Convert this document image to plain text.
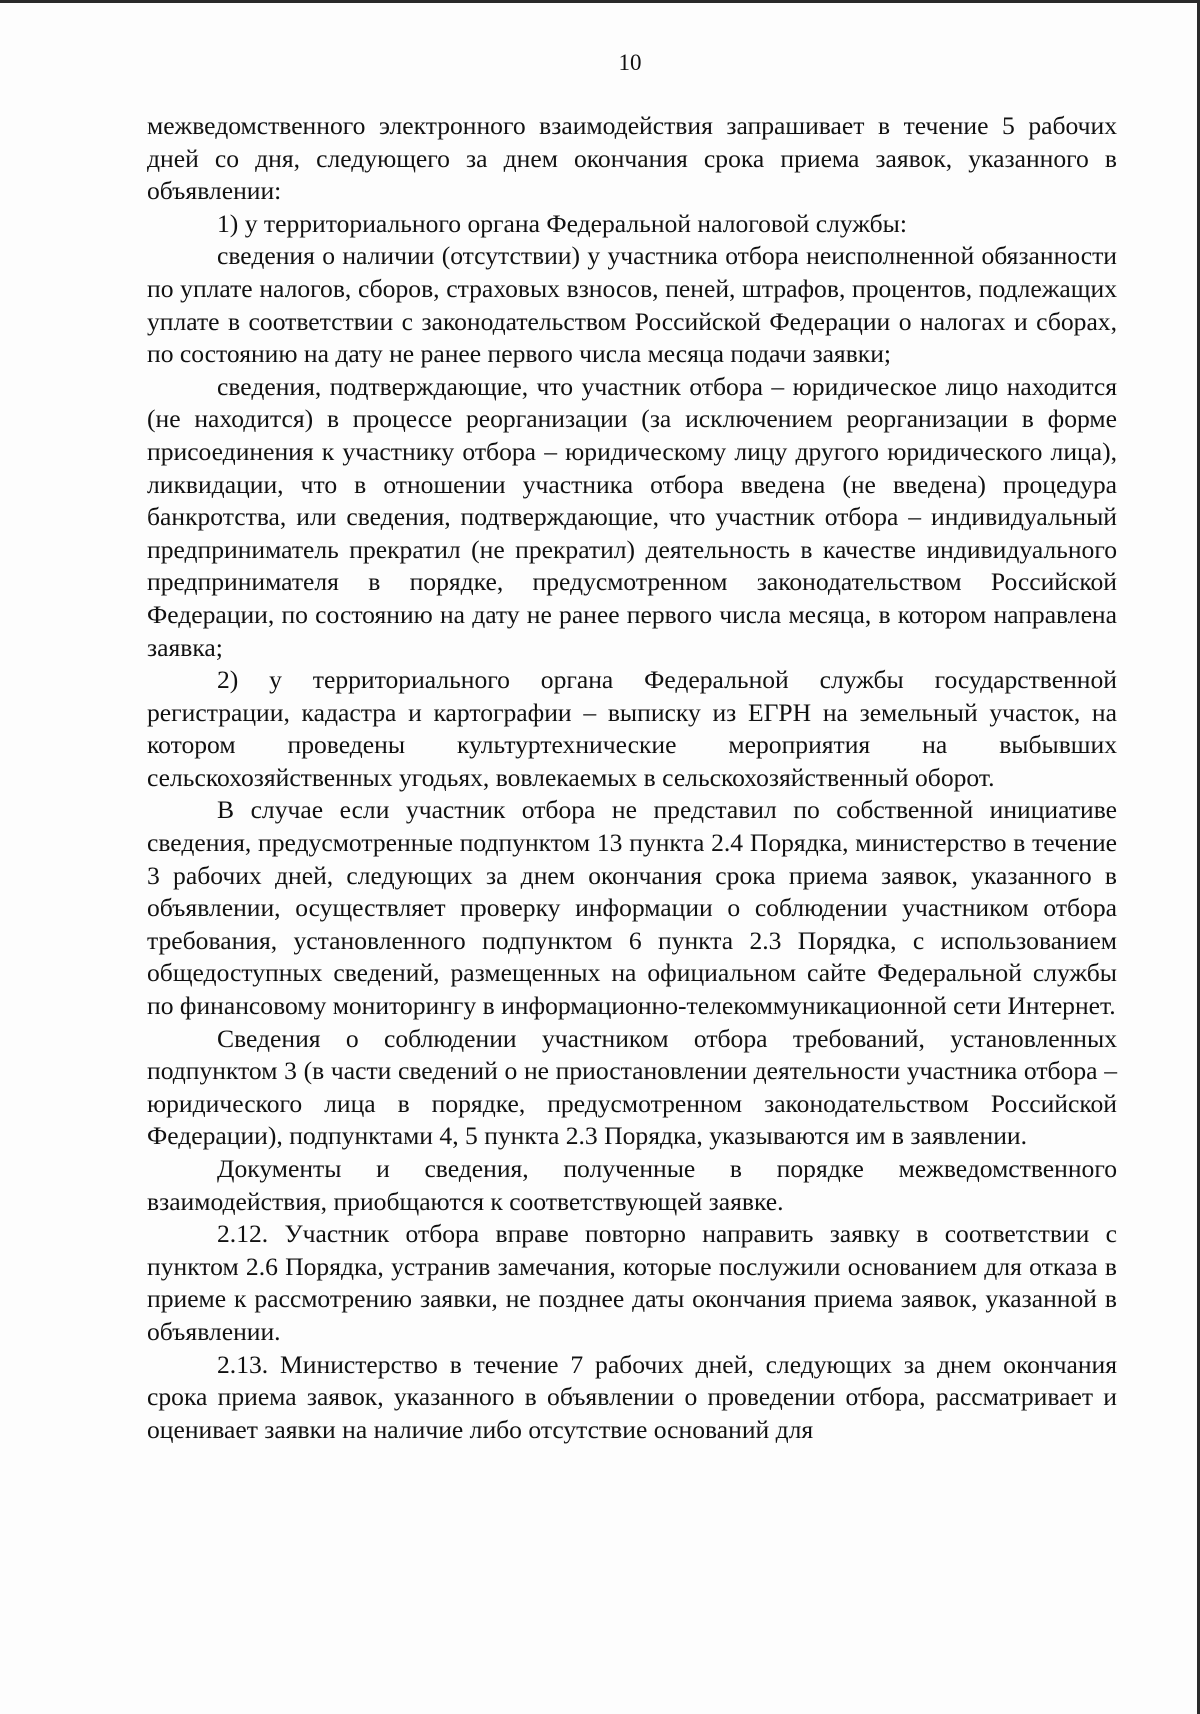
10

межведомственного электронного взаимодействия запрашивает в течение 5 рабочих дней со дня, следующего за днем окончания срока приема заявок, указанного в объявлении:

1) у территориального органа Федеральной налоговой службы:

сведения о наличии (отсутствии) у участника отбора неисполненной обязанности по уплате налогов, сборов, страховых взносов, пеней, штрафов, процентов, подлежащих уплате в соответствии с законодательством Российской Федерации о налогах и сборах, по состоянию на дату не ранее первого числа месяца подачи заявки;

сведения, подтверждающие, что участник отбора – юридическое лицо находится (не находится) в процессе реорганизации (за исключением реорганизации в форме присоединения к участнику отбора – юридическому лицу другого юридического лица), ликвидации, что в отношении участника отбора введена (не введена) процедура банкротства, или сведения, подтверждающие, что участник отбора – индивидуальный предприниматель прекратил (не прекратил) деятельность в качестве индивидуального предпринимателя в порядке, предусмотренном законодательством Российской Федерации, по состоянию на дату не ранее первого числа месяца, в котором направлена заявка;

2) у территориального органа Федеральной службы государственной регистрации, кадастра и картографии – выписку из ЕГРН на земельный участок, на котором проведены культуртехнические мероприятия на выбывших сельскохозяйственных угодьях, вовлекаемых в сельскохозяйственный оборот.

В случае если участник отбора не представил по собственной инициативе сведения, предусмотренные подпунктом 13 пункта 2.4 Порядка, министерство в течение 3 рабочих дней, следующих за днем окончания срока приема заявок, указанного в объявлении, осуществляет проверку информации о соблюдении участником отбора требования, установленного подпунктом 6 пункта 2.3 Порядка, с использованием общедоступных сведений, размещенных на официальном сайте Федеральной службы по финансовому мониторингу в информационно-телекоммуникационной сети Интернет.

Сведения о соблюдении участником отбора требований, установленных подпунктом 3 (в части сведений о не приостановлении деятельности участника отбора – юридического лица в порядке, предусмотренном законодательством Российской Федерации), подпунктами 4, 5 пункта 2.3 Порядка, указываются им в заявлении.

Документы и сведения, полученные в порядке межведомственного взаимодействия, приобщаются к соответствующей заявке.

2.12. Участник отбора вправе повторно направить заявку в соответствии с пунктом 2.6 Порядка, устранив замечания, которые послужили основанием для отказа в приеме к рассмотрению заявки, не позднее даты окончания приема заявок, указанной в объявлении.

2.13. Министерство в течение 7 рабочих дней, следующих за днем окончания срока приема заявок, указанного в объявлении о проведении отбора, рассматривает и оценивает заявки на наличие либо отсутствие оснований для
